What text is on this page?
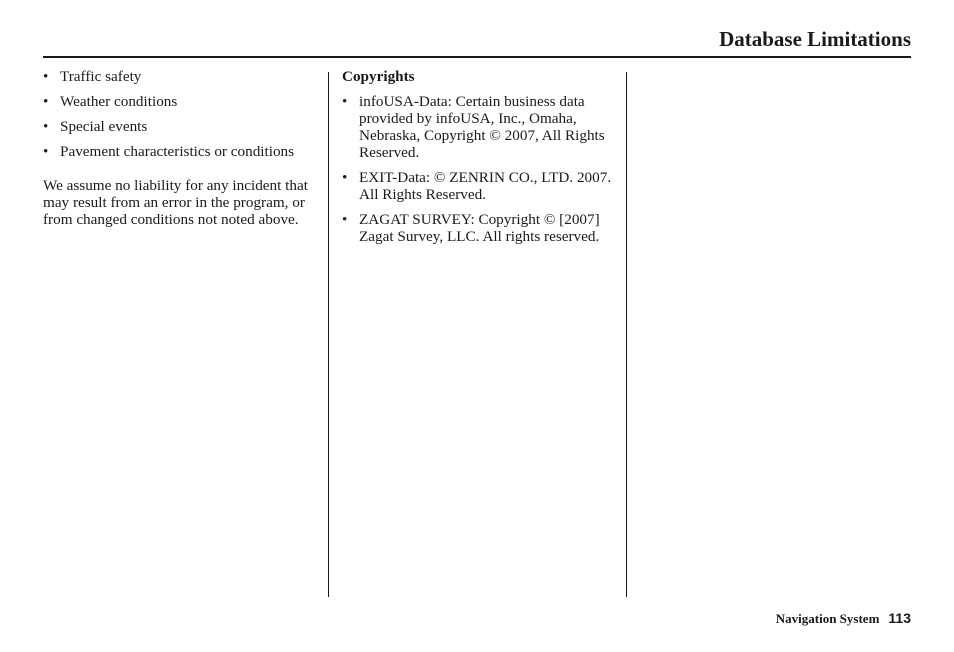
Database Limitations
• Traffic safety
• Weather conditions
• Special events
• Pavement characteristics or conditions

We assume no liability for any incident that may result from an error in the program, or from changed conditions not noted above.

Copyrights

• infoUSA-Data: Certain business data provided by infoUSA, Inc., Omaha, Nebraska, Copyright © 2007, All Rights Reserved.
• EXIT-Data: © ZENRIN CO., LTD. 2007. All Rights Reserved.
• ZAGAT SURVEY: Copyright © [2007] Zagat Survey, LLC. All rights reserved.
Navigation System 113
